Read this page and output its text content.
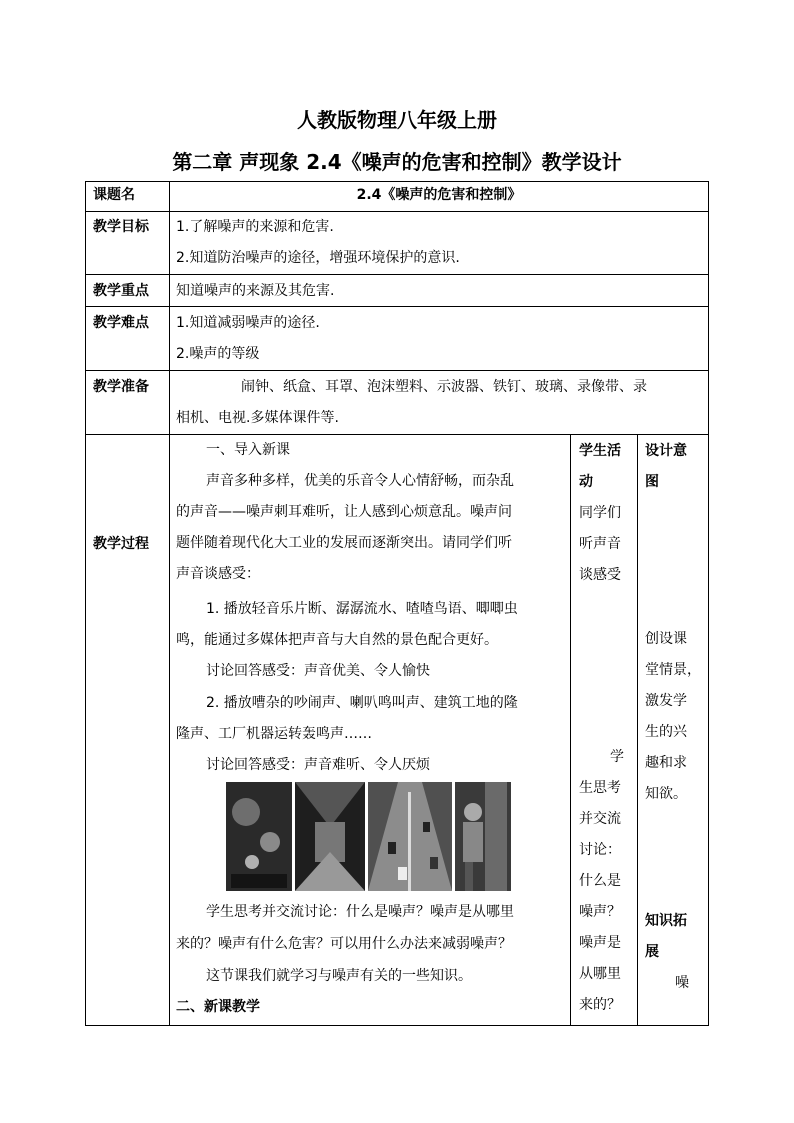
人教版物理八年级上册
第二章 声现象 2.4《噪声的危害和控制》教学设计
课题名	2.4《噪声的危害和控制》
教学目标 1.了解噪声的来源和危害.
2.知道防治噪声的途径，增强环境保护的意识.
教学重点 知道噪声的来源及其危害.
教学难点 1.知道减弱噪声的途径.
2.噪声的等级
教学准备	闹钟、纸盒、耳罩、泡沫塑料、示波器、铁钉、玻璃、录像带、录
相机、电视.多媒体课件等.
教学过程
一、导入新课
声音多种多样，优美的乐音令人心情舒畅，而杂乱
的声音——噪声刺耳难听，让人感到心烦意乱。噪声问
题伴随着现代化大工业的发展而逐渐突出。请同学们听
声音谈感受：
1. 播放轻音乐片断、潺潺流水、喳喳鸟语、唧唧虫
鸣，能通过多媒体把声音与大自然的景色配合更好。
讨论回答感受：声音优美、令人愉快
2. 播放嘈杂的吵闹声、喇叭鸣叫声、建筑工地的隆
隆声、工厂机器运转轰鸣声……
讨论回答感受：声音难听、令人厌烦
学生思考并交流讨论：什么是噪声？噪声是从哪里
来的？噪声有什么危害？可以用什么办法来减弱噪声？
这节课我们就学习与噪声有关的一些知识。
二、新课教学
学生活
动
同学们
听声音
谈感受
学
生思考
并交流
讨论：
什么是
噪声？
噪声是
从哪里
来的？
设计意
图
创设课
堂情景，
激发学
生的兴
趣和求
知欲。
知识拓
展
噪
